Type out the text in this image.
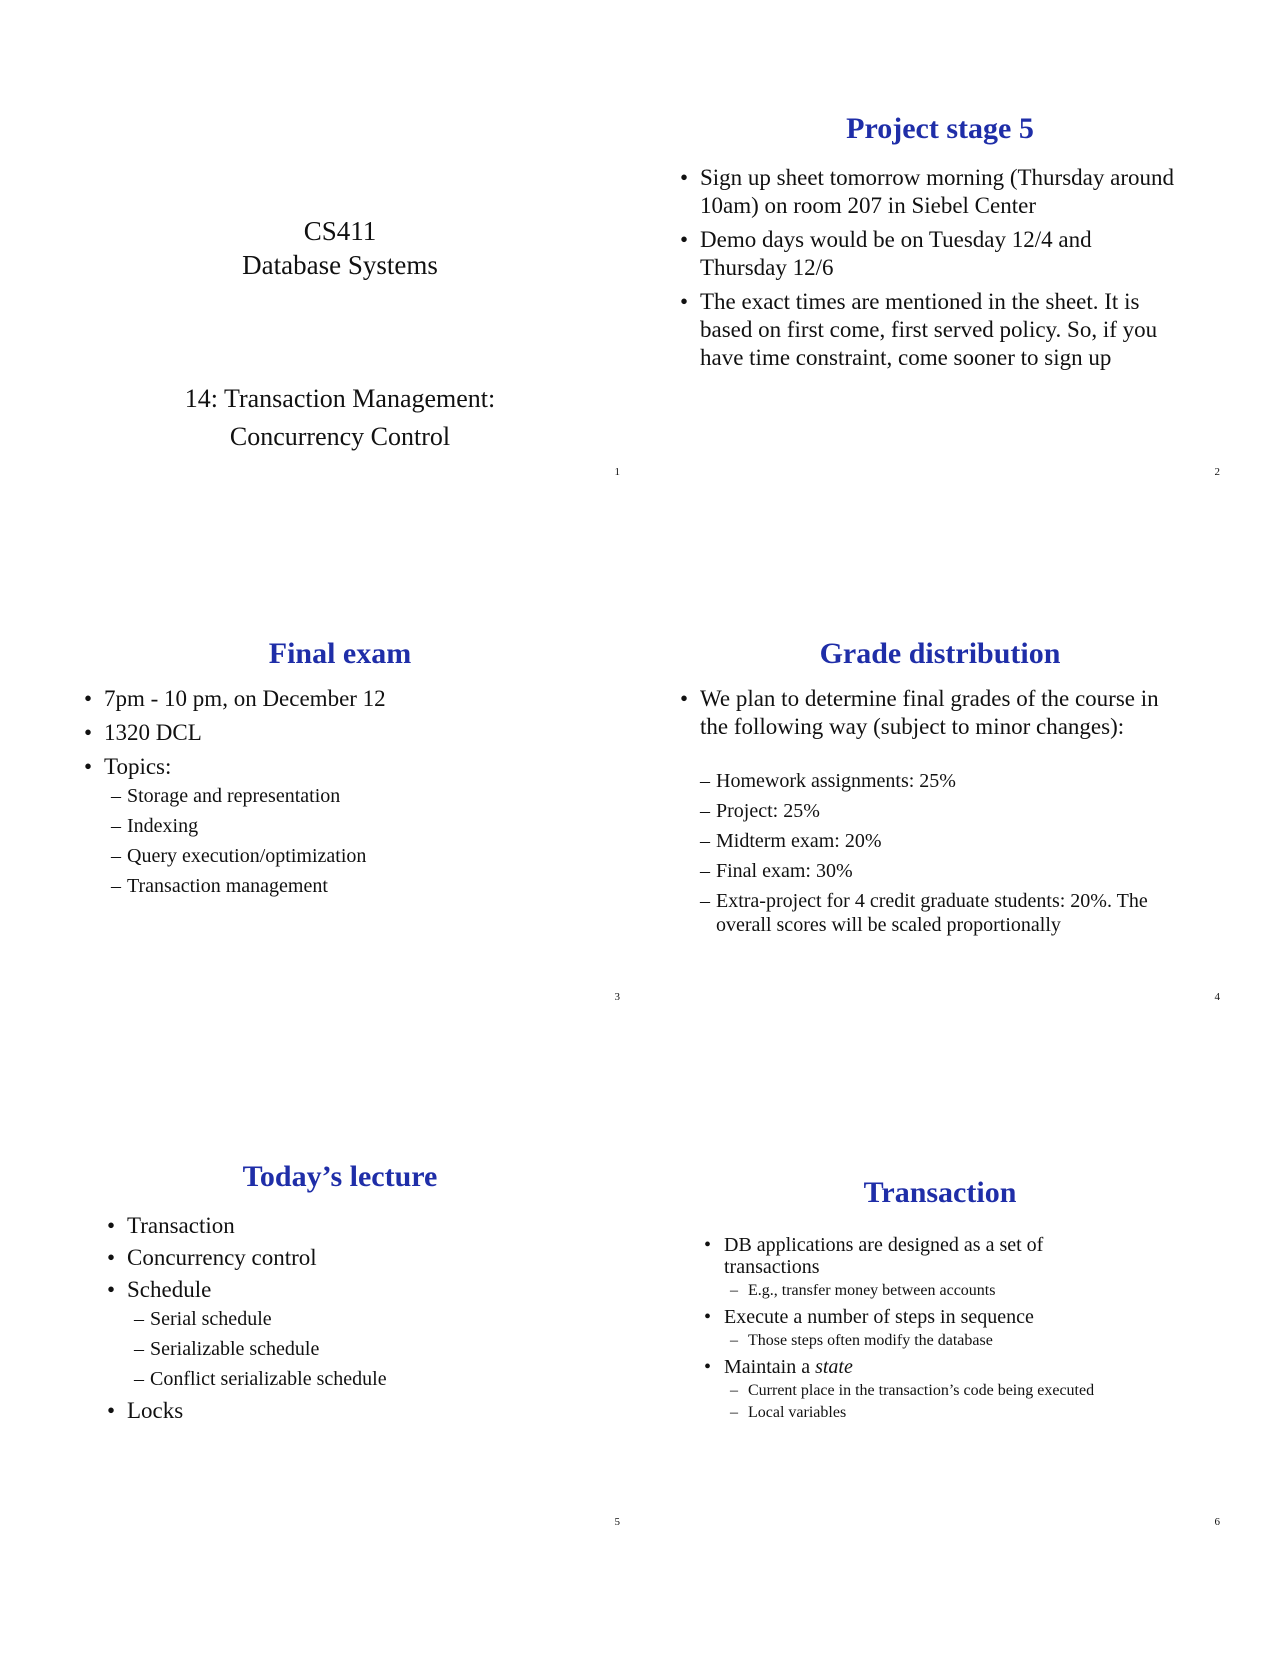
CS411
Database Systems
14: Transaction Management:
Concurrency Control
1
Project stage 5
• Sign up sheet tomorrow morning (Thursday around 10am) on room 207 in Siebel Center
• Demo days would be on Tuesday 12/4 and Thursday 12/6
• The exact times are mentioned in the sheet. It is based on first come, first served policy. So, if you have time constraint, come sooner to sign up
2
Final exam
• 7pm - 10 pm, on December 12
• 1320 DCL
• Topics:
– Storage and representation
– Indexing
– Query execution/optimization
– Transaction management
3
Grade distribution
• We plan to determine final grades of the course in the following way (subject to minor changes):
– Homework assignments: 25%
– Project: 25%
– Midterm exam: 20%
– Final exam: 30%
– Extra-project for 4 credit graduate students: 20%. The overall scores will be scaled proportionally
4
Today’s lecture
• Transaction
• Concurrency control
• Schedule
– Serial schedule
– Serializable schedule
– Conflict serializable schedule
• Locks
5
Transaction
• DB applications are designed as a set of transactions
– E.g., transfer money between accounts
• Execute a number of steps in sequence
– Those steps often modify the database
• Maintain a state
– Current place in the transaction’s code being executed
– Local variables
6
